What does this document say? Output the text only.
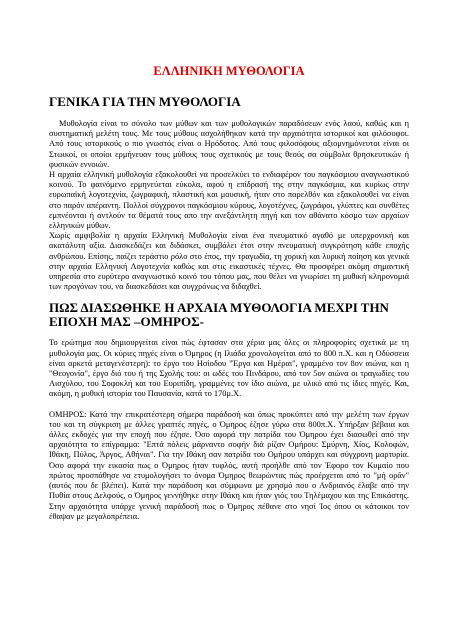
ΕΛΛΗΝΙΚΗ ΜΥΘΟΛΟΓΙΑ
ΓΕΝΙΚΑ ΓΙΑ ΤΗΝ ΜΥΘΟΛΟΓΙΑ

Μυθολογία είναι το σύνολο των μύθων και των μυθολογικών παραδόσεων ενός λαού, καθώς και η συστηματική μελέτη τους. Με τους μύθους ασχολήθηκαν κατά την αρχαιότητα ιστορικοί και φιλόσοφοι. Από τους ιστορικούς ο πιο γνωστός είναι ο Ηρόδοτος. Από τους φιλοσόφους αξιομνημόνευτοι είναι οι Στωικοί, οι οποίοι ερμήνευαν τους μύθους τους σχετικούς με τους θεούς σα σύμβολα θρησκευτικών ή φυσικών εννοιών.

Η αρχαία ελληνική μυθολογία εξακολουθεί να προσελκύει το ενδιαφέρον του παγκόσμιου αναγνωστικού κοινού. Το φαινόμενο ερμηνεύεται εύκολα, αφού η επίδρασή της στην παγκόσμια, και κυρίως στην ευρωπαϊκή λογοτεχνία, ζωγραφική, πλαστική και μουσική, ήταν στο παρελθόν και εξακολουθεί να είναι στο παρόν απέραντη. Πολλοί σύγχρονοι παγκόσμιου κύρους, λογοτέχνες, ζωγράφοι, γλύπτες και συνθέτες εμπνέονται ή αντλούν τα θέματά τους απο την ανεξάντλητη πηγή και τον αθάνατο κόσμο των αρχαίων ελληνικών μύθων.

Χωρίς αμφιβολία η αρχαία Ελληνική Μυθολογία είναι ένα πνευματικό αγαθό με υπερχρονική και ακατάλυτη αξία. Διασκεδάζει και διδάσκει, συμβάλει έτσι στην πνευματική συγκρότηση κάθε εποχής ανθρώπου. Επίσης, παίζει τεράστιο ρόλο στο έπος, την τραγωδία, τη χορική και λυρική ποίηση και γενικά στην αρχαία Ελληνική Λογοτεχνία καθώς και στις εικαστικές τέχνες. Θα προσφέρει ακόμη σημαντική υπηρεσία στο ευρύτερο αναγνωστικό κοινό του τόπου μας, που θέλει να γνωρίσει τη μυθική κληρονομιά των προγόνων του, να διασκεδάσει και συγχρόνως να διδαχθεί.

ΠΩΣ ΔΙΑΣΩΘΗΚΕ Η ΑΡΧΑΙΑ ΜΥΘΟΛΟΓΙΑ ΜΕΧΡΙ ΤΗΝ ΕΠΟΧΗ ΜΑΣ –ΟΜΗΡΟΣ-

Το ερώτημα που δημιουργείται είναι πώς έφτασαν στα χέρια μας όλες οι πληροφορίες σχετικά με τη μυθολογία μας. Οι κύριες πηγές είναι ο Όμηρος (η Ιλιάδα χρονολογείται από το 800 π.Χ. και η Οδύσσεια είναι αρκετά μεταγενέστερη): το έργο του Ησίοδου "Έργα και Ημέραι", γραμμένο τον 8ον αιώνα, και η "Θεογονία", έργο διό του ή της Σχολής του: οι ωδές του Πινδάρου, από τον 5ον αιώνα οι τραγωδίες του Αισχύλου, του Σοφοκλή και του Ευριπίδη, γραμμένες τον ίδιο αιώνα, με υλικό από τις ίδιες πηγές. Και, ακόμη, η μυθική ιστορία του Παυσανία, κατά το 170μ.Χ.

ΟΜΗΡΟΣ: Κατά την επικρατέστερη σήμερα παράδοσή και όπως προκύπτει από την μελέτη των έργων του και τη σύγκριση με άλλες γραπτές πηγές, ο Όμηρος έζησε γύρω στα 800π.Χ. Υπήρξαν βέβαια και άλλες εκδοχές για την εποχή που έζησε. Όσο αφορά την πατρίδα του Όμηρου έχει διασωθεί από την αρχαιότητα το επίγραμμα: "Επτά πόλεις μάρναντο σοφήν διά ρίζαν Ομήρου: Σμύρνη, Χίος, Κολοφών, Ιθάκη, Πύλος, Άργος, Αθήναι". Για την Ιθάκη σαν πατρίδα του Ομήρου υπάρχει και σύγχρονη μαρτυρία. Όσο αφορά την εικασία πως ο Όμηρος ήταν τυφλός, αυτή προήλθε από τον Έφορο τον Κυμαίο που πρώτος προσπάθησε να ετυμολογήσει το όνομα Όμηρος θεωρώντας πώς προέρχεται από το "μή ορᾶν"(αυτός που δε βλέπει). Κατά την παράδοση και σύμφωνα με χρησμό που ο Ανδριανός έλαβε από την Πυθία στους Δελφούς, ο Όμηρος γεννήθηκε στην Ιθάκη και ήταν γιός του Τηλέμαχου και της Επικάστης. Στην αρχαιότητα υπάρχε γενική παράδοσή πως ο Όμηρος πέθανε στο νησί Ίος όπου οι κάτοικοι τον έθαψαν με μεγαλοπρέπεια.
